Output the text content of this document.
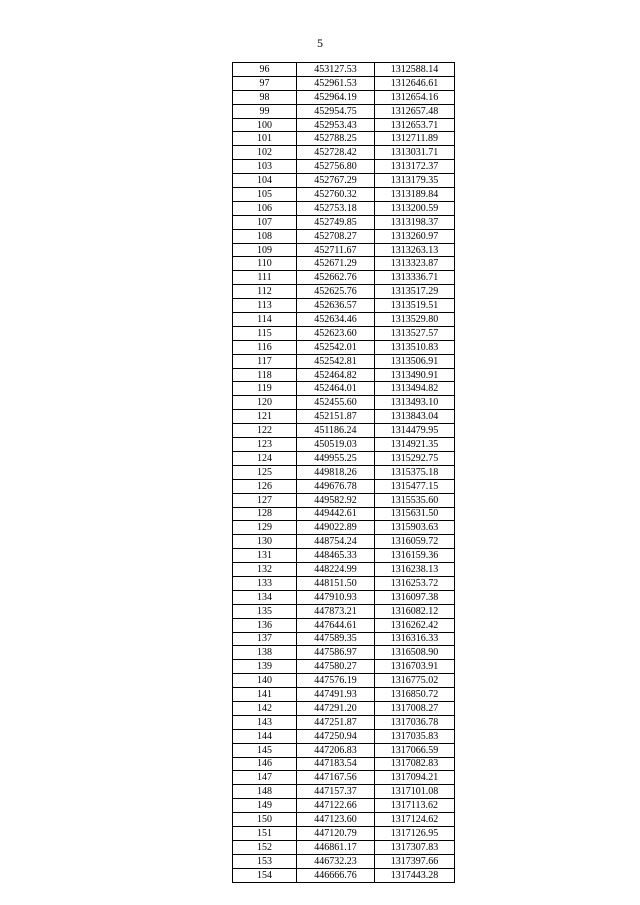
5
96	453127.53	1312588.14
97	452961.53	1312646.61
98	452964.19	1312654.16
99	452954.75	1312657.48
100	452953.43	1312653.71
101	452788.25	1312711.89
102	452728.42	1313031.71
103	452756.80	1313172.37
104	452767.29	1313179.35
105	452760.32	1313189.84
106	452753.18	1313200.59
107	452749.85	1313198.37
108	452708.27	1313260.97
109	452711.67	1313263.13
110	452671.29	1313323.87
111	452662.76	1313336.71
112	452625.76	1313517.29
113	452636.57	1313519.51
114	452634.46	1313529.80
115	452623.60	1313527.57
116	452542.01	1313510.83
117	452542.81	1313506.91
118	452464.82	1313490.91
119	452464.01	1313494.82
120	452455.60	1313493.10
121	452151.87	1313843.04
122	451186.24	1314479.95
123	450519.03	1314921.35
124	449955.25	1315292.75
125	449818.26	1315375.18
126	449676.78	1315477.15
127	449582.92	1315535.60
128	449442.61	1315631.50
129	449022.89	1315903.63
130	448754.24	1316059.72
131	448465.33	1316159.36
132	448224.99	1316238.13
133	448151.50	1316253.72
134	447910.93	1316097.38
135	447873.21	1316082.12
136	447644.61	1316262.42
137	447589.35	1316316.33
138	447586.97	1316508.90
139	447580.27	1316703.91
140	447576.19	1316775.02
141	447491.93	1316850.72
142	447291.20	1317008.27
143	447251.87	1317036.78
144	447250.94	1317035.83
145	447206.83	1317066.59
146	447183.54	1317082.83
147	447167.56	1317094.21
148	447157.37	1317101.08
149	447122.66	1317113.62
150	447123.60	1317124.62
151	447120.79	1317126.95
152	446861.17	1317307.83
153	446732.23	1317397.66
154	446666.76	1317443.28
